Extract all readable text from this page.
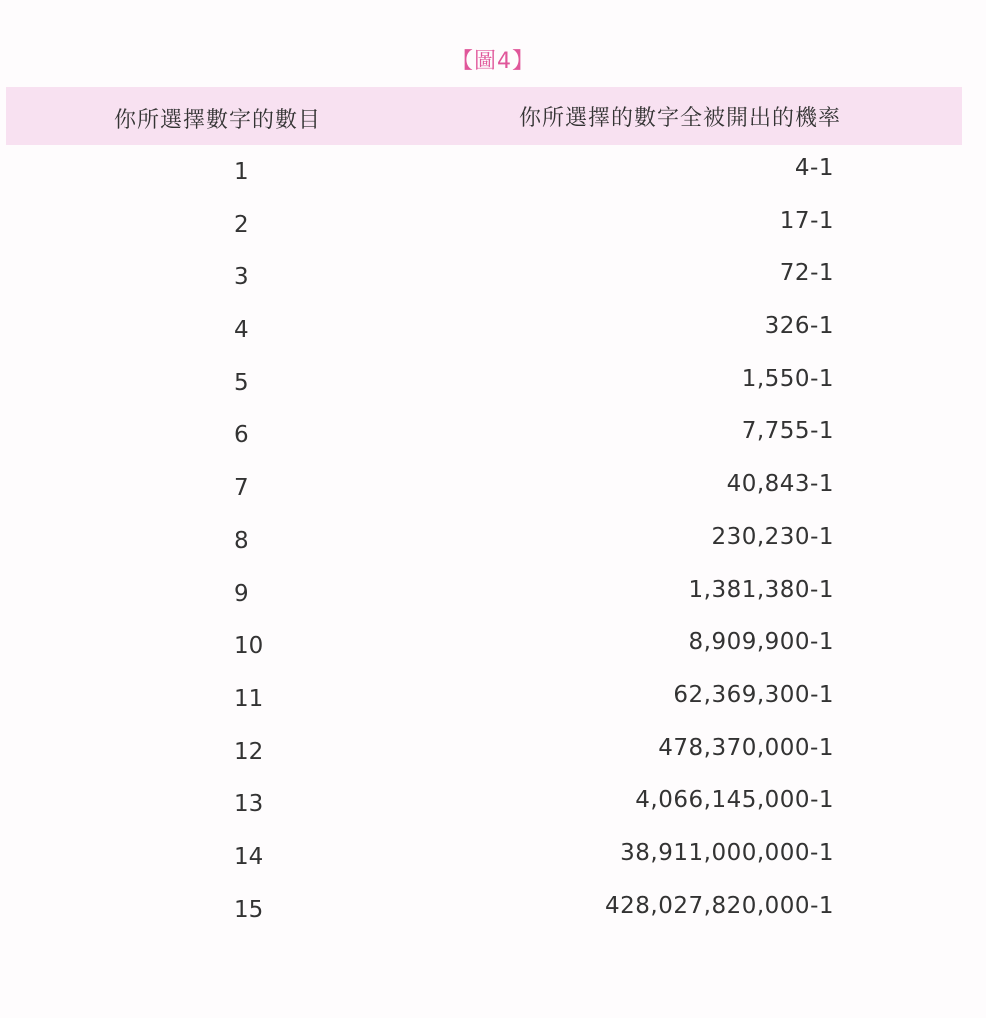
【圖4】
你所選擇數字的數目	你所選擇的數字全被開出的機率
1	4-1
2	17-1
3	72-1
4	326-1
5	1,550-1
6	7,755-1
7	40,843-1
8	230,230-1
9	1,381,380-1
10	8,909,900-1
11	62,369,300-1
12	478,370,000-1
13	4,066,145,000-1
14	38,911,000,000-1
15	428,027,820,000-1
